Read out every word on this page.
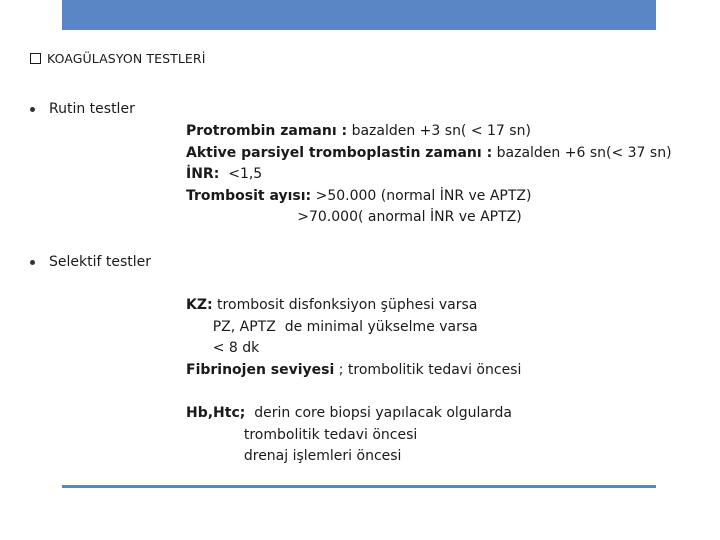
KOAGÜLASYON TESTLERİ
Rutin testler
Protrombin zamanı : bazalden +3 sn( < 17 sn)
Aktive parsiyel tromboplastin zamanı : bazalden +6 sn(< 37 sn)
İNR:  <1,5
Trombosit ayısı: >50.000 (normal İNR ve APTZ)
>70.000( anormal İNR ve APTZ)
Selektif testler
KZ: trombosit disfonksiyon şüphesi varsa
PZ, APTZ  de minimal yükselme varsa
< 8 dk
Fibrinojen seviyesi ; trombolitik tedavi öncesi
Hb,Htc;  derin core biopsi yapılacak olgularda
trombolitik tedavi öncesi
drenaj işlemleri öncesi
